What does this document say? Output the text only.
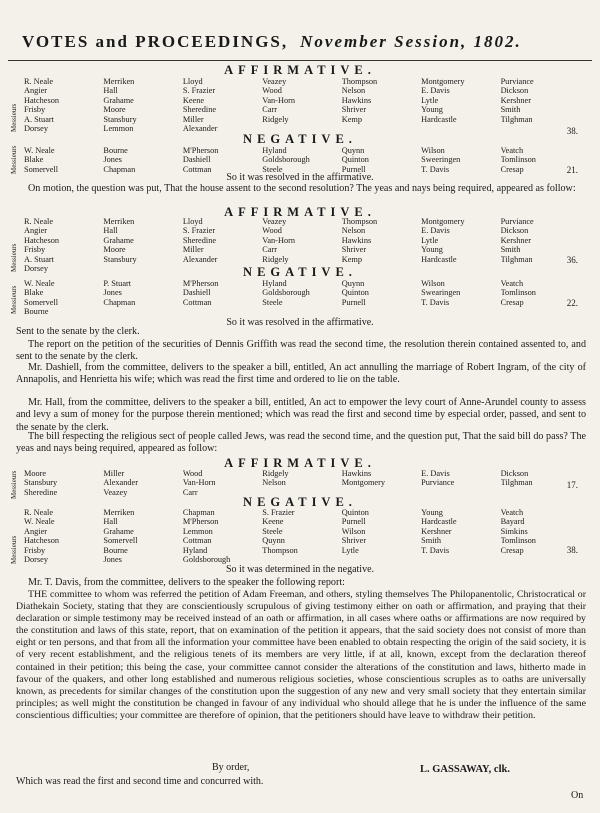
VOTES and PROCEEDINGS, November Session, 1802.
AFFIRMATIVE.
Messieurs
R. Neale	Merriken	Lloyd	Veazey	Thompson	Montgomery	Purviance
Angier	Hall	S. Frazier	Wood	Nelson	E. Davis	Dickson
Hatcheson	Grahame	Keene	Van-Horn	Hawkins	Lytle	Kershner
Frisby	Moore	Sheredine	Carr	Shriver	Young	Smith
A. Stuart	Stansbury	Miller	Ridgely	Kemp	Hardcastle	Tilghman
Dorsey	Lemmon	Alexander	38.
NEGATIVE.
Messieurs W. Neale	Bourne	M'Pherson	Hyland	Quynn	Wilson	Veatch
Blake	Jones	Dashiell	Goldsborough	Quinton	Sweeringen	Tomlinson
Somervell	Chapman	Cottman	Steele	Purnell	T. Davis	Cresap	21.
So it was resolved in the affirmative.
On motion, the question was put, That the house assent to the second resolution? The yeas and nays being required, appeared as follow:
AFFIRMATIVE.
Messieurs
R. Neale	Merriken	Lloyd	Veazey	Thompson	Montgomery	Purviance
Angier	Hall	S. Frazier	Wood	Nelson	E. Davis	Dickson
Hatcheson	Grahame	Sheredine	Van-Horn	Hawkins	Lytle	Kershner
Frisby	Moore	Miller	Carr	Shriver	Young	Smith
A. Stuart	Stansbury	Alexander	Ridgely	Kemp	Hardcastle	Tilghman
Dorsey
36.
NEGATIVE.
Messieurs
W. Neale	P. Stuart	M'Pherson	Hyland	Quynn	Wilson	Veatch
Blake	Jones	Dashiell	Goldsborough	Quinton	Swearingen	Tomlinson
Somervell	Chapman	Cottman	Steele	Purnell	T. Davis	Cresap
Bourne
22.
So it was resolved in the affirmative.
Sent to the senate by the clerk.
The report on the petition of the securities of Dennis Griffith was read the second time, the resolution therein contained assented to, and sent to the senate by the clerk.
Mr. Dashiell, from the committee, delivers to the speaker a bill, entitled, An act annulling the marriage of Robert Ingram, of the city of Annapolis, and Henrietta his wife; which was read the first time and ordered to lie on the table.
Mr. Hall, from the committee, delivers to the speaker a bill, entitled, An act to empower the levy court of Anne-Arundel county to assess and levy a sum of money for the purpose therein mentioned; which was read the first and second time by especial order, passed, and sent to the senate by the clerk.
The bill respecting the religious sect of people called Jews, was read the second time, and the question put, That the said bill do pass? The yeas and nays being required, appeared as follow:
AFFIRMATIVE.
Messieurs Moore	Miller	Wood	Ridgely	Hawkins	E. Davis	Dickson
Stansbury	Alexander	Van-Horn	Nelson	Montgomery	Purviance	Tilghman
Sheredine	Veazey	Carr
17.
NEGATIVE.
Messieurs
R. Neale	Merriken	Chapman	S. Frazier	Quinton	Young	Veatch
W. Neale	Hall	M'Pherson	Keene	Purnell	Hardcastle	Bayard
Angier	Grahame	Lemmon	Steele	Wilson	Kershner	Simkins
Hatcheson	Somervell	Cottman	Quynn	Shriver	Smith	Tomlinson
Frisby	Bourne	Hyland	Thompson	Lytle	T. Davis	Cresap
Dorsey	Jones	Goldsborough
38.
So it was determined in the negative.
Mr. T. Davis, from the committee, delivers to the speaker the following report:
THE committee to whom was referred the petition of Adam Freeman, and others, styling themselves The Philopanentolic, Christocratical or Diathekain Society, stating that they are conscientiously scrupulous of giving testimony either on oath or affirmation, and praying that their declaration or simple testimony may be received instead of an oath or affirmation, in all cases where oaths or affirmations are now required by the constitution and laws of this state, report, that on examination of the petition it appears, that the said society does not consist of more than eight or ten persons, and that from all the information your committee have been enabled to obtain respecting the origin of the said society, it is of very recent establishment, and the religious tenets of its members are very little, if at all, known, except from the declaration thereof contained in their petition; this being the case, your committee cannot consider the alterations of the constitution and laws, hitherto made in favour of the quakers, and other long established and numerous religious societies, whose conscientious scruples as to oaths are universally known, as precedents for similar changes of the constitution upon the suggestion of any new and very small society that they entertain similar principles; as well might the constitution be changed in favour of any individual who should allege that he is under the influence of the same conscientious difficulties; your committee are therefore of opinion, that the petitioners should have leave to withdraw their petition.
By order,	L. GASSAWAY, clk.
Which was read the first and second time and concurred with.
On
